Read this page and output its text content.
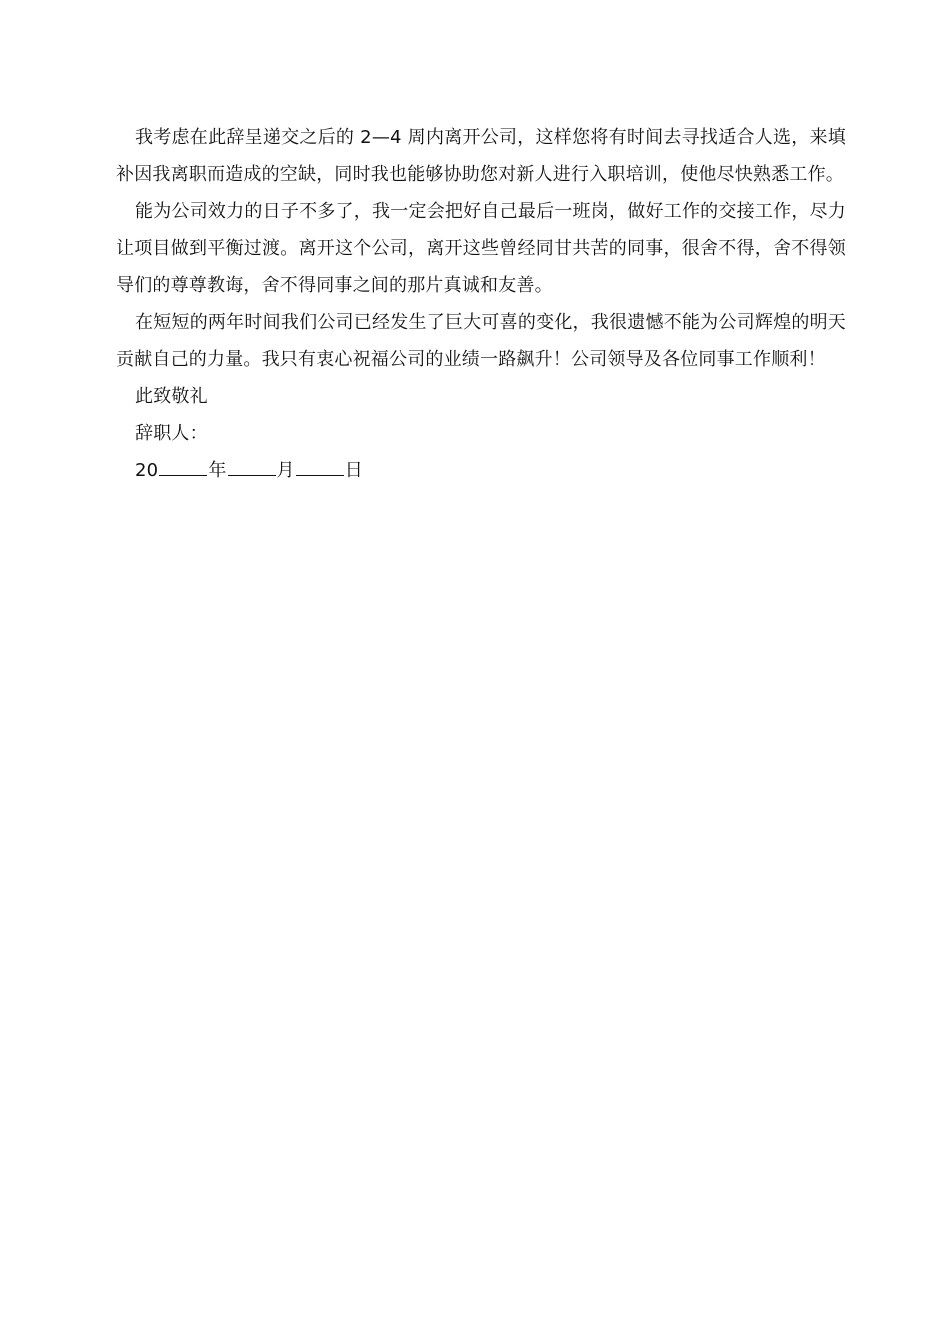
我考虑在此辞呈递交之后的 2—4 周内离开公司，这样您将有时间去寻找适合人选，来填补因我离职而造成的空缺，同时我也能够协助您对新人进行入职培训，使他尽快熟悉工作。

能为公司效力的日子不多了，我一定会把好自己最后一班岗，做好工作的交接工作，尽力让项目做到平衡过渡。离开这个公司，离开这些曾经同甘共苦的同事，很舍不得，舍不得领导们的尊尊教诲，舍不得同事之间的那片真诚和友善。

在短短的两年时间我们公司已经发生了巨大可喜的变化，我很遗憾不能为公司辉煌的明天贡献自己的力量。我只有衷心祝福公司的业绩一路飙升！公司领导及各位同事工作顺利！

此致敬礼

辞职人：

20	年	月	日
